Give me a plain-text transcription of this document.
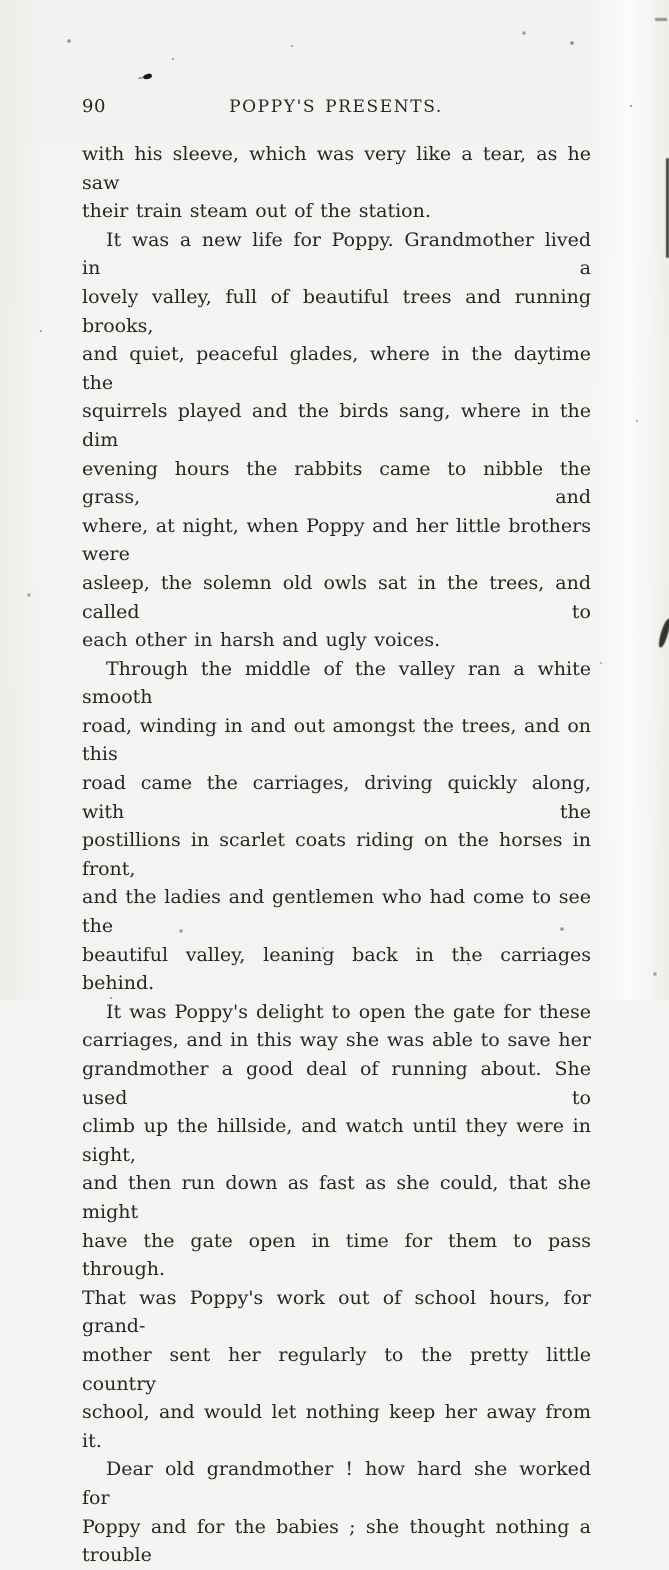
90	POPPY'S PRESENTS.
with his sleeve, which was very like a tear, as he saw
their train steam out of the station.
It was a new life for Poppy. Grandmother lived in a
lovely valley, full of beautiful trees and running brooks,
and quiet, peaceful glades, where in the daytime the
squirrels played and the birds sang, where in the dim
evening hours the rabbits came to nibble the grass, and
where, at night, when Poppy and her little brothers were
asleep, the solemn old owls sat in the trees, and called to
each other in harsh and ugly voices.
Through the middle of the valley ran a white smooth
road, winding in and out amongst the trees, and on this
road came the carriages, driving quickly along, with the
postillions in scarlet coats riding on the horses in front,
and the ladies and gentlemen who had come to see the
beautiful valley, leaning back in the carriages behind.
It was Poppy's delight to open the gate for these
carriages, and in this way she was able to save her
grandmother a good deal of running about. She used to
climb up the hillside, and watch until they were in sight,
and then run down as fast as she could, that she might
have the gate open in time for them to pass through.
That was Poppy's work out of school hours, for grand-
mother sent her regularly to the pretty little country
school, and would let nothing keep her away from it.
Dear old grandmother ! how hard she worked for
Poppy and for the babies ; she thought nothing a trouble
